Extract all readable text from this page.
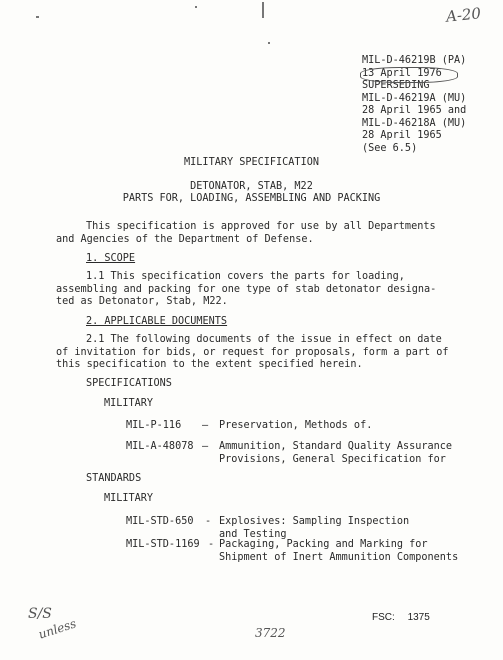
A-20
MIL-D-46219B (PA)
13 April 1976
SUPERSEDING
MIL-D-46219A (MU)
28 April 1965 and
MIL-D-46218A (MU)
28 April 1965
(See 6.5)
MILITARY SPECIFICATION
DETONATOR, STAB, M22
PARTS FOR, LOADING, ASSEMBLING AND PACKING
This specification is approved for use by all Departments
and Agencies of the Department of Defense.
1. SCOPE
1.1 This specification covers the parts for loading,
assembling and packing for one type of stab detonator designa-
ted as Detonator, Stab, M22.
2. APPLICABLE DOCUMENTS
2.1 The following documents of the issue in effect on date
of invitation for bids, or request for proposals, form a part of
this specification to the extent specified herein.
SPECIFICATIONS
MILITARY
MIL-P-116 – Preservation, Methods of.
MIL-A-48078 – Ammunition, Standard Quality Assurance
Provisions, General Specification for
STANDARDS
MILITARY
MIL-STD-650 - Explosives: Sampling Inspection
and Testing
MIL-STD-1169 - Packaging, Packing and Marking for
Shipment of Inert Ammunition Components
FSC: 1375
S/S
unless	3722
